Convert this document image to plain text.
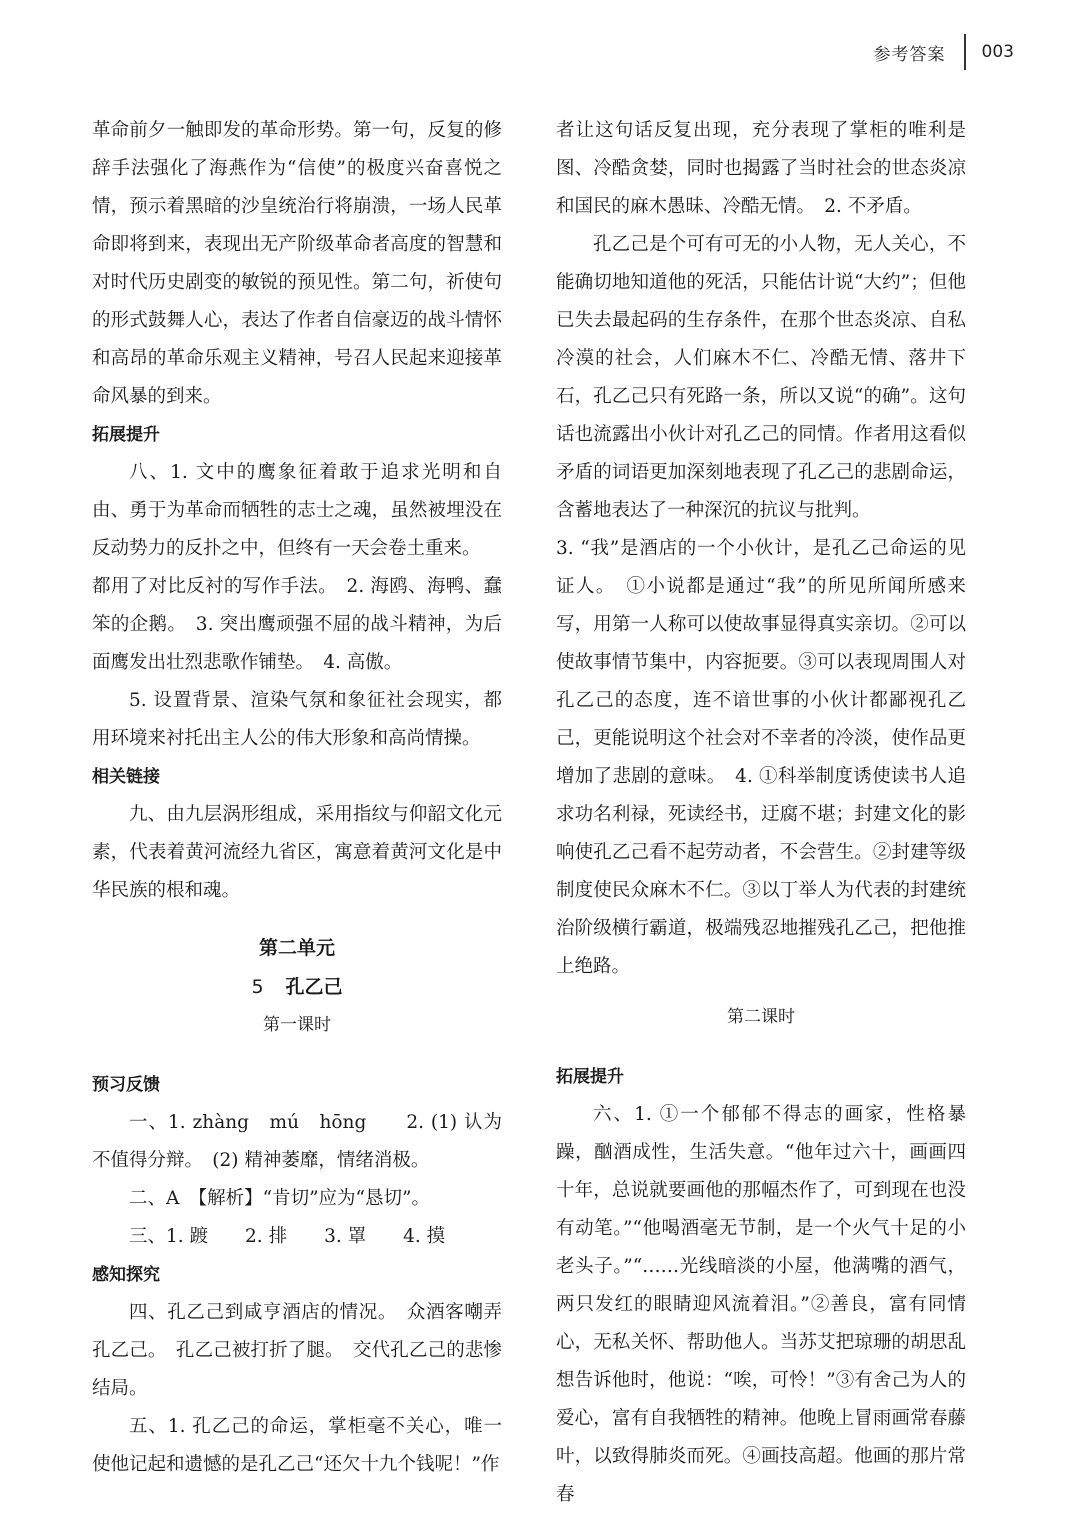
参考答案 003

革命前夕一触即发的革命形势。第一句，反复的修辞手法强化了海燕作为“信使”的极度兴奋喜悦之情，预示着黑暗的沙皇统治行将崩溃，一场人民革命即将到来，表现出无产阶级革命者高度的智慧和对时代历史剧变的敏锐的预见性。第二句，祈使句的形式鼓舞人心，表达了作者自信豪迈的战斗情怀和高昂的革命乐观主义精神，号召人民起来迎接革命风暴的到来。

拓展提升

八、1. 文中的鹰象征着敢于追求光明和自由、勇于为革命而牺牲的志士之魂，虽然被埋没在反动势力的反扑之中，但终有一天会卷土重来。

都用了对比反衬的写作手法。　2. 海鸥、海鸭、蠢笨的企鹅。　3. 突出鹰顽强不屈的战斗精神，为后面鹰发出壮烈悲歌作铺垫。　4. 高傲。

5. 设置背景、渲染气氛和象征社会现实，都用环境来衬托出主人公的伟大形象和高尚情操。

相关链接

九、由九层涡形组成，采用指纹与仰韶文化元素，代表着黄河流经九省区，寓意着黄河文化是中华民族的根和魂。

第二单元

5 孔乙己

第一课时

预习反馈

一、1. zhàng　mú　hōng　　2. (1) 认为不值得分辩。　(2) 精神萎靡，情绪消极。

二、A　【解析】“肯切”应为“恳切”。

三、1. 踱　　2. 排　　3. 罩　　4. 摸

感知探究

四、孔乙己到咸亨酒店的情况。　众酒客嘲弄孔乙己。　孔乙己被打折了腿。　交代孔乙己的悲惨结局。

五、1. 孔乙己的命运，掌柜毫不关心，唯一使他记起和遗憾的是孔乙己“还欠十九个钱呢！”作

者让这句话反复出现，充分表现了掌柜的唯利是图、冷酷贪婪，同时也揭露了当时社会的世态炎凉和国民的麻木愚昧、冷酷无情。　2. 不矛盾。

孔乙己是个可有可无的小人物，无人关心，不能确切地知道他的死活，只能估计说“大约”；但他已失去最起码的生存条件，在那个世态炎凉、自私冷漠的社会，人们麻木不仁、冷酷无情、落井下石，孔乙己只有死路一条，所以又说“的确”。这句话也流露出小伙计对孔乙己的同情。作者用这看似矛盾的词语更加深刻地表现了孔乙己的悲剧命运，含蓄地表达了一种深沉的抗议与批判。

3. “我”是酒店的一个小伙计，是孔乙己命运的见证人。　①小说都是通过“我”的所见所闻所感来写，用第一人称可以使故事显得真实亲切。②可以使故事情节集中，内容扼要。③可以表现周围人对孔乙己的态度，连不谙世事的小伙计都鄙视孔乙己，更能说明这个社会对不幸者的冷淡，使作品更增加了悲剧的意味。　4. ①科举制度诱使读书人追求功名利禄，死读经书，迂腐不堪；封建文化的影响使孔乙己看不起劳动者，不会营生。②封建等级制度使民众麻木不仁。③以丁举人为代表的封建统治阶级横行霸道，极端残忍地摧残孔乙己，把他推上绝路。

第二课时

拓展提升

六、1. ①一个郁郁不得志的画家，性格暴躁，酗酒成性，生活失意。“他年过六十，画画四十年，总说就要画他的那幅杰作了，可到现在也没有动笔。”“他喝酒毫无节制，是一个火气十足的小老头子。”“……光线暗淡的小屋，他满嘴的酒气，两只发红的眼睛迎风流着泪。”②善良，富有同情心，无私关怀、帮助他人。当苏艾把琼珊的胡思乱想告诉他时，他说：“唉，可怜！”③有舍己为人的爱心，富有自我牺牲的精神。他晚上冒雨画常春藤叶，以致得肺炎而死。④画技高超。他画的那片常春
